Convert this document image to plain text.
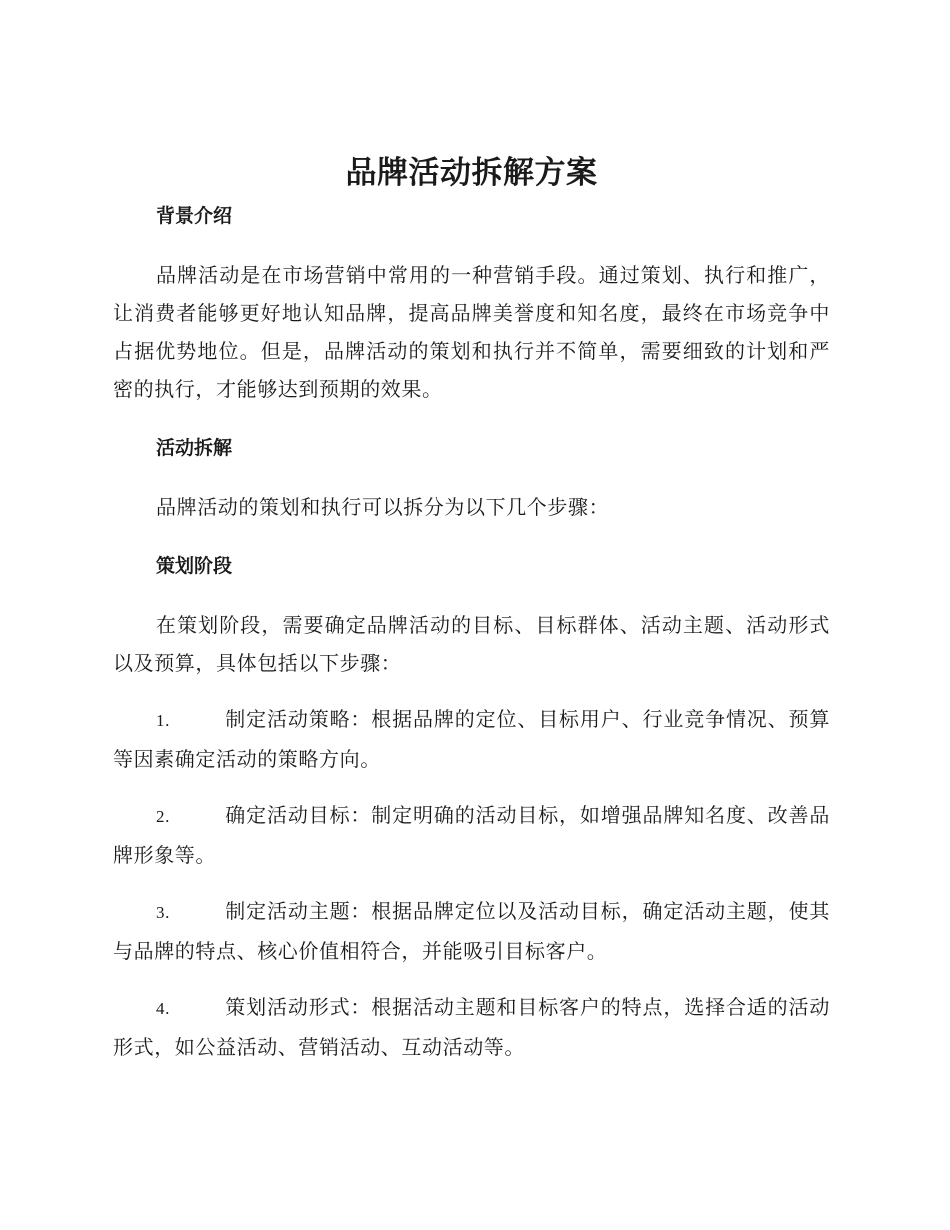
品牌活动拆解方案
背景介绍

品牌活动是在市场营销中常用的一种营销手段。通过策划、执行和推广，让消费者能够更好地认知品牌，提高品牌美誉度和知名度，最终在市场竞争中占据优势地位。但是，品牌活动的策划和执行并不简单，需要细致的计划和严密的执行，才能够达到预期的效果。

活动拆解

品牌活动的策划和执行可以拆分为以下几个步骤：

策划阶段

在策划阶段，需要确定品牌活动的目标、目标群体、活动主题、活动形式以及预算，具体包括以下步骤：

1.	制定活动策略：根据品牌的定位、目标用户、行业竞争情况、预算等因素确定活动的策略方向。

2.	确定活动目标：制定明确的活动目标，如增强品牌知名度、改善品牌形象等。

3.	制定活动主题：根据品牌定位以及活动目标，确定活动主题，使其与品牌的特点、核心价值相符合，并能吸引目标客户。

4.	策划活动形式：根据活动主题和目标客户的特点，选择合适的活动形式，如公益活动、营销活动、互动活动等。
